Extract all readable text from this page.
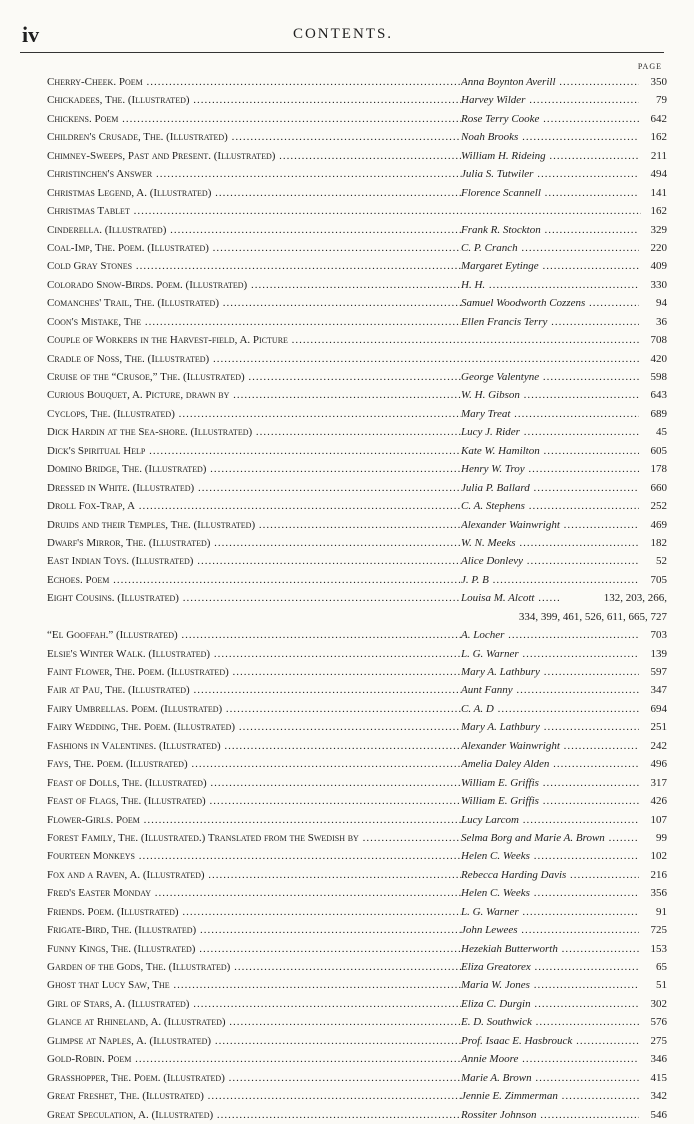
iv	CONTENTS.
PAGE
Cherry-Cheek. Poem .....	Anna Boynton Averill .....	350
Chickadees, The. (Illustrated) .....	Harvey Wilder .....	79
Chickens. Poem .....	Rose Terry Cooke .....	642
Children's Crusade, The. (Illustrated) .....	Noah Brooks .....	162
Chimney-Sweeps, Past and Present. (Illustrated) .....	William H. Rideing .....	211
Christinchen's Answer .....	Julia S. Tutwiler .....	494
Christmas Legend, A. (Illustrated) .....	Florence Scannell .....	141
Christmas Tablet .....	162
Cinderella. (Illustrated) .....	Frank R. Stockton .....	329
Coal-Imp, The. Poem. (Illustrated) .....	C. P. Cranch .....	220
Cold Gray Stones .....	Margaret Eytinge .....	409
Colorado Snow-Birds. Poem. (Illustrated) .....	H. H. .....	330
Comanches' Trail, The. (Illustrated) .....	Samuel Woodworth Cozzens .....	94
Coon's Mistake, The .....	Ellen Francis Terry .....	36
Couple of Workers in the Harvest-field, A. Picture .....	708
Cradle of Noss, The. (Illustrated) .....	420
Cruise of the “Crusoe,” The. (Illustrated) .....	George Valentyne .....	598
Curious Bouquet, A. Picture, drawn by .....	W. H. Gibson .....	643
Cyclops, The. (Illustrated) .....	Mary Treat .....	689
Dick Hardin at the Sea-shore. (Illustrated) .....	Lucy J. Rider .....	45
Dick's Spiritual Help .....	Kate W. Hamilton .....	605
Domino Bridge, The. (Illustrated) .....	Henry W. Troy .....	178
Dressed in White. (Illustrated) .....	Julia P. Ballard .....	660
Droll Fox-Trap, A .....	C. A. Stephens .....	252
Druids and their Temples, The. (Illustrated) .....	Alexander Wainwright .....	469
Dwarf's Mirror, The. (Illustrated) .....	W. N. Meeks .....	182
East Indian Toys. (Illustrated) .....	Alice Donlevy .....	52
Echoes. Poem .....	J. P. B .....	705
Eight Cousins. (Illustrated) .....	Louisa M. Alcott .....	132, 203, 266,
334, 399, 461, 526, 611, 665, 727
“El Gooffah.” (Illustrated) .....	A. Locher .....	703
Elsie's Winter Walk. (Illustrated) .....	L. G. Warner .....	139
Faint Flower, The. Poem. (Illustrated) .....	Mary A. Lathbury .....	597
Fair at Pau, The. (Illustrated) .....	Aunt Fanny .....	347
Fairy Umbrellas. Poem. (Illustrated) .....	C. A. D .....	694
Fairy Wedding, The. Poem. (Illustrated) .....	Mary A. Lathbury .....	251
Fashions in Valentines. (Illustrated) .....	Alexander Wainwright .....	242
Fays, The. Poem. (Illustrated) .....	Amelia Daley Alden .....	496
Feast of Dolls, The. (Illustrated) .....	William E. Griffis .....	317
Feast of Flags, The. (Illustrated) .....	William E. Griffis .....	426
Flower-Girls. Poem .....	Lucy Larcom .....	107
Forest Family, The. (Illustrated.) Translated from the Swedish by .....	Selma Borg and Marie A. Brown .....	99
Fourteen Monkeys .....	Helen C. Weeks .....	102
Fox and a Raven, A. (Illustrated) .....	Rebecca Harding Davis .....	216
Fred's Easter Monday .....	Helen C. Weeks .....	356
Friends. Poem. (Illustrated) .....	L. G. Warner .....	91
Frigate-Bird, The. (Illustrated) .....	John Lewees .....	725
Funny Kings, The. (Illustrated) .....	Hezekiah Butterworth .....	153
Garden of the Gods, The. (Illustrated) .....	Eliza Greatorex .....	65
Ghost that Lucy Saw, The .....	Maria W. Jones .....	51
Girl of Stars, A. (Illustrated) .....	Eliza C. Durgin .....	302
Glance at Rhineland, A. (Illustrated) .....	E. D. Southwick .....	576
Glimpse at Naples, A. (Illustrated) .....	Prof. Isaac E. Hasbrouck .....	275
Gold-Robin. Poem .....	Annie Moore .....	346
Grasshopper, The. Poem. (Illustrated) .....	Marie A. Brown .....	415
Great Freshet, The. (Illustrated) .....	Jennie E. Zimmerman .....	342
Great Speculation, A. (Illustrated) .....	Rossiter Johnson .....	546
